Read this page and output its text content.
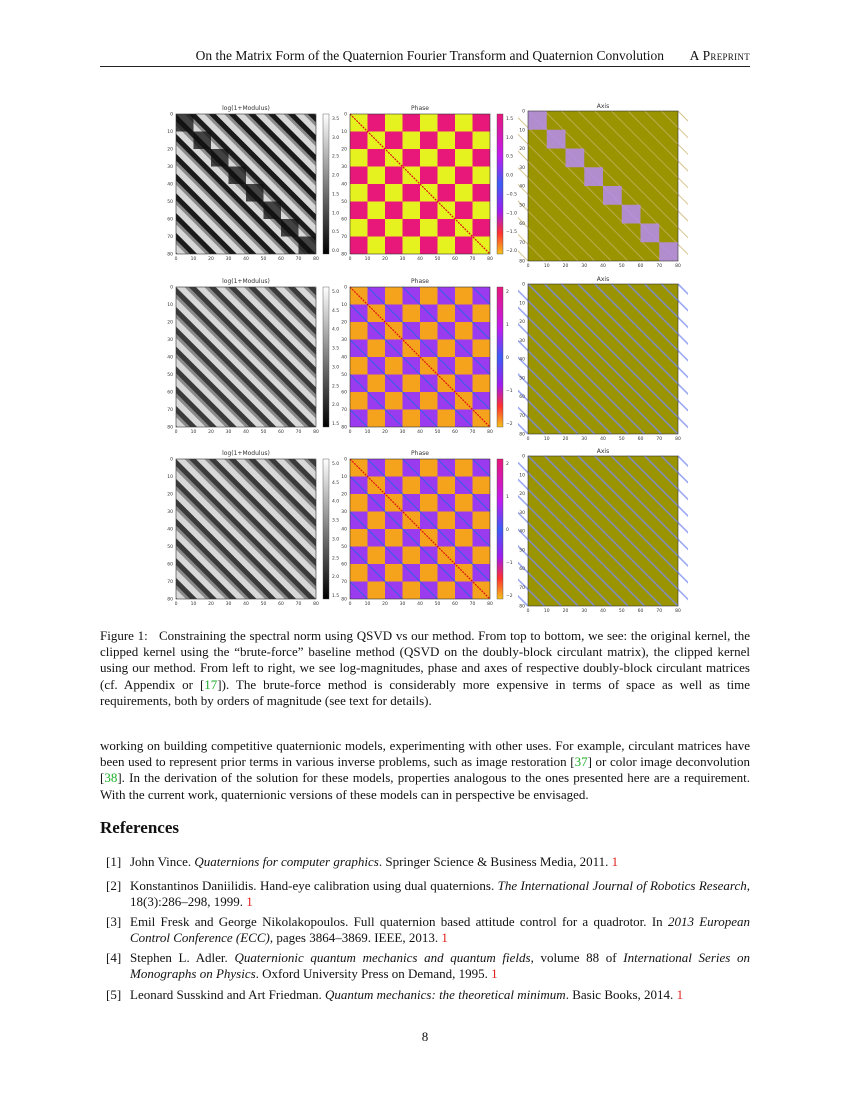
On the Matrix Form of the Quaternion Fourier Transform and Quaternion Convolution A Preprint
log(1+Modulus)
0	10	20	30	40	50	60	70	80
0
10
20
30
40
50
60
70
80
3.5
3.0
2.5
2.0
1.5
1.0
0.5
0.0
Phase
0	10	20	30	40	50	60	70	80
0
10
20
30
40
50
60
70
80
1.5
1.0
0.5
0.0
−0.5
−1.0
−1.5
−2.0
Axis
0	10	20	30	40	50	60	70	80
0
10
20
30
40
50
60
70
80
log(1+Modulus)
0	10	20	30	40	50	60	70	80
0
10
20
30
40
50
60
70
80
5.0
4.5
4.0
3.5
3.0
2.5
2.0
1.5
Phase
0	10	20	30	40	50	60	70	80
0
10
20
30
40
50
60
70
80
2
1
0
−1
−2
Axis
0	10	20	30	40	50	60	70	80
0
10
20
30
40
50
60
70
80
log(1+Modulus)
0	10	20	30	40	50	60	70	80
0
10
20
30
40
50
60
70
80
5.0
4.5
4.0
3.5
3.0
2.5
2.0
1.5
Phase
0	10	20	30	40	50	60	70	80
0
10
20
30
40
50
60
70
80
2
1
0
−1
−2
Axis
0	10	20	30	40	50	60	70	80
0
10
20
30
40
50
60
70
80
Figure 1: Constraining the spectral norm using QSVD vs our method. From top to bottom, we see: the original kernel, the clipped kernel using the “brute-force” baseline method (QSVD on the doubly-block circulant matrix), the clipped kernel using our method. From left to right, we see log-magnitudes, phase and axes of respective doubly-block circulant matrices (cf. Appendix or [17]). The brute-force method is considerably more expensive in terms of space as well as time requirements, both by orders of magnitude (see text for details).
working on building competitive quaternionic models, experimenting with other uses. For example, circulant matrices have been used to represent prior terms in various inverse problems, such as image restoration [37] or color image deconvolution [38]. In the derivation of the solution for these models, properties analogous to the ones presented here are a requirement. With the current work, quaternionic versions of these models can in perspective be envisaged.
References
[1] John Vince. Quaternions for computer graphics. Springer Science & Business Media, 2011. 1
[2] Konstantinos Daniilidis. Hand-eye calibration using dual quaternions. The International Journal of Robotics Research, 18(3):286–298, 1999. 1
[3] Emil Fresk and George Nikolakopoulos. Full quaternion based attitude control for a quadrotor. In 2013 European Control Conference (ECC), pages 3864–3869. IEEE, 2013. 1
[4] Stephen L. Adler. Quaternionic quantum mechanics and quantum fields, volume 88 of International Series on Monographs on Physics. Oxford University Press on Demand, 1995. 1
[5] Leonard Susskind and Art Friedman. Quantum mechanics: the theoretical minimum. Basic Books, 2014. 1
8
